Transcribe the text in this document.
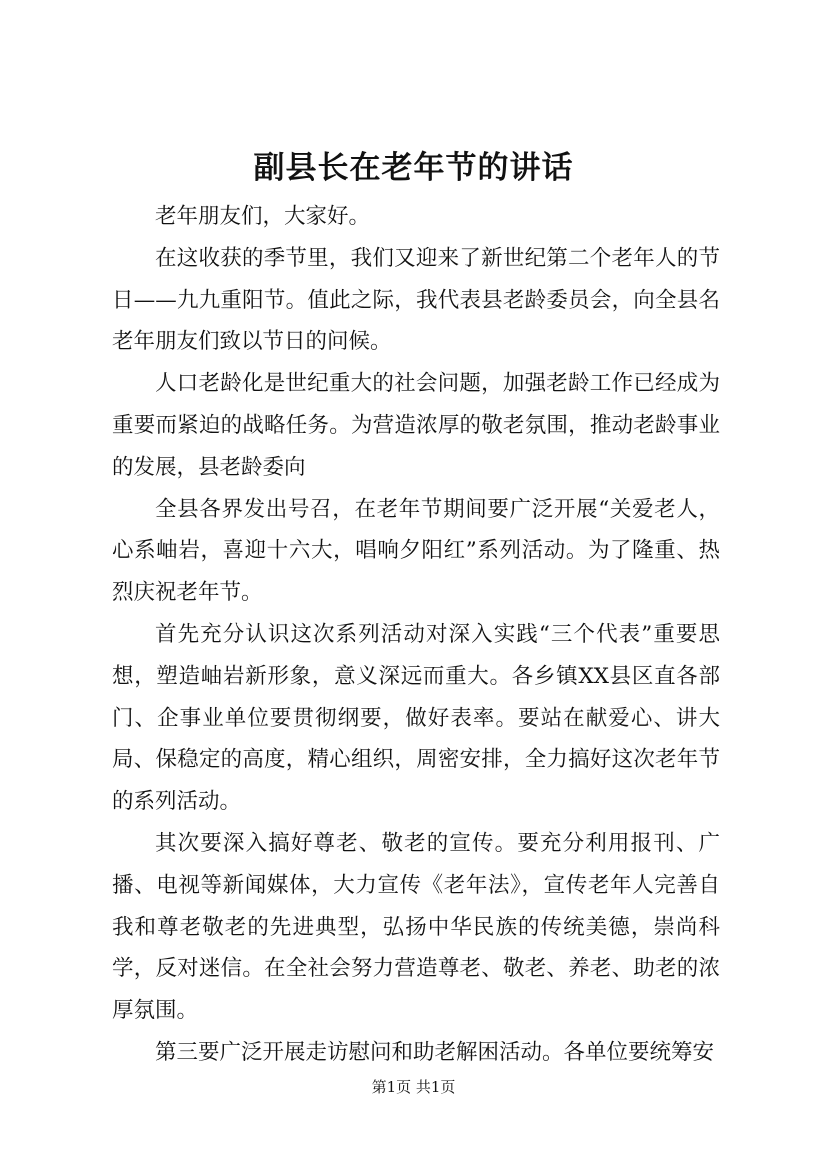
副县长在老年节的讲话

老年朋友们，大家好。

在这收获的季节里，我们又迎来了新世纪第二个老年人的节日——九九重阳节。值此之际，我代表县老龄委员会，向全县名老年朋友们致以节日的问候。

人口老龄化是世纪重大的社会问题，加强老龄工作已经成为重要而紧迫的战略任务。为营造浓厚的敬老氛围，推动老龄事业的发展，县老龄委向

全县各界发出号召，在老年节期间要广泛开展“关爱老人，心系岫岩，喜迎十六大，唱响夕阳红”系列活动。为了隆重、热烈庆祝老年节。

首先充分认识这次系列活动对深入实践“三个代表”重要思想，塑造岫岩新形象，意义深远而重大。各乡镇XX县区直各部门、企事业单位要贯彻纲要，做好表率。要站在献爱心、讲大局、保稳定的高度，精心组织，周密安排，全力搞好这次老年节的系列活动。

其次要深入搞好尊老、敬老的宣传。要充分利用报刊、广播、电视等新闻媒体，大力宣传《老年法》，宣传老年人完善自我和尊老敬老的先进典型，弘扬中华民族的传统美德，崇尚科学，反对迷信。在全社会努力营造尊老、敬老、养老、助老的浓厚氛围。

第三要广泛开展走访慰问和助老解困活动。各单位要统筹安

第1页 共1页
